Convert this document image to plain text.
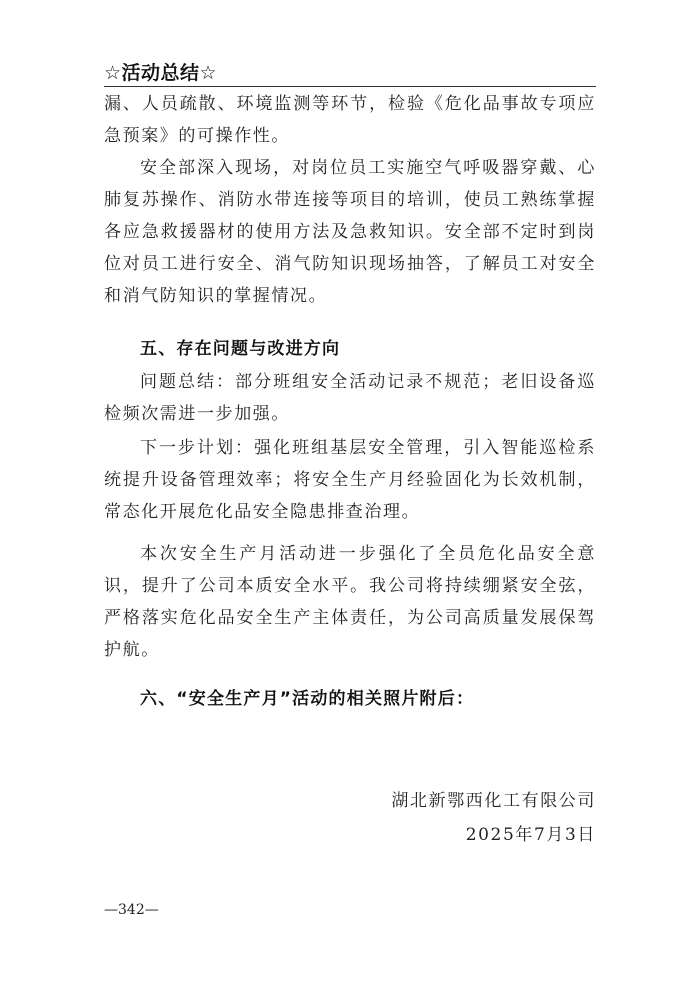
☆活动总结☆

漏、人员疏散、环境监测等环节，检验《危化品事故专项应急预案》的可操作性。

安全部深入现场，对岗位员工实施空气呼吸器穿戴、心肺复苏操作、消防水带连接等项目的培训，使员工熟练掌握各应急救援器材的使用方法及急救知识。安全部不定时到岗位对员工进行安全、消气防知识现场抽答，了解员工对安全和消气防知识的掌握情况。

五、存在问题与改进方向

问题总结：部分班组安全活动记录不规范；老旧设备巡检频次需进一步加强。

下一步计划：强化班组基层安全管理，引入智能巡检系统提升设备管理效率；将安全生产月经验固化为长效机制，常态化开展危化品安全隐患排查治理。

本次安全生产月活动进一步强化了全员危化品安全意识，提升了公司本质安全水平。我公司将持续绷紧安全弦，严格落实危化品安全生产主体责任，为公司高质量发展保驾护航。

六、“安全生产月”活动的相关照片附后：
湖北新鄂西化工有限公司
2025年7月3日
—342—
